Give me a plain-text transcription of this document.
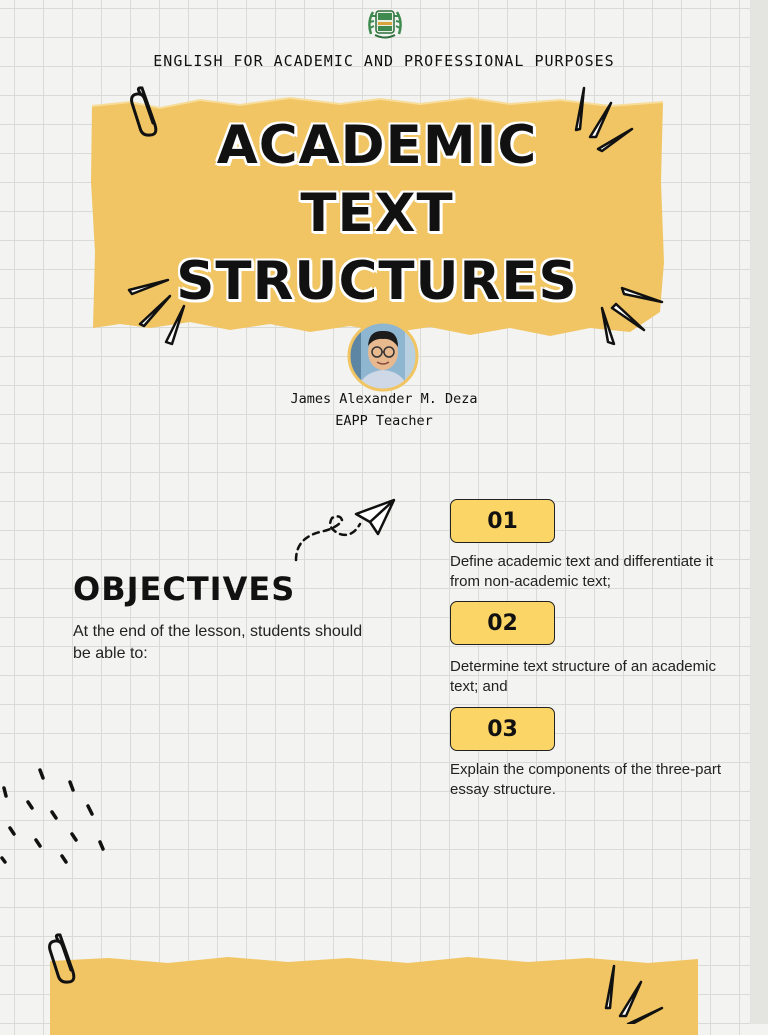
ENGLISH FOR ACADEMIC AND PROFESSIONAL PURPOSES
ACADEMIC
TEXT
STRUCTURES
James Alexander M. Deza
EAPP Teacher
OBJECTIVES
At the end of the lesson, students should be able to:
01
Define academic text and differentiate it from non-academic text;
02
Determine text structure of an academic text; and
03
Explain the components of the three-part essay structure.
